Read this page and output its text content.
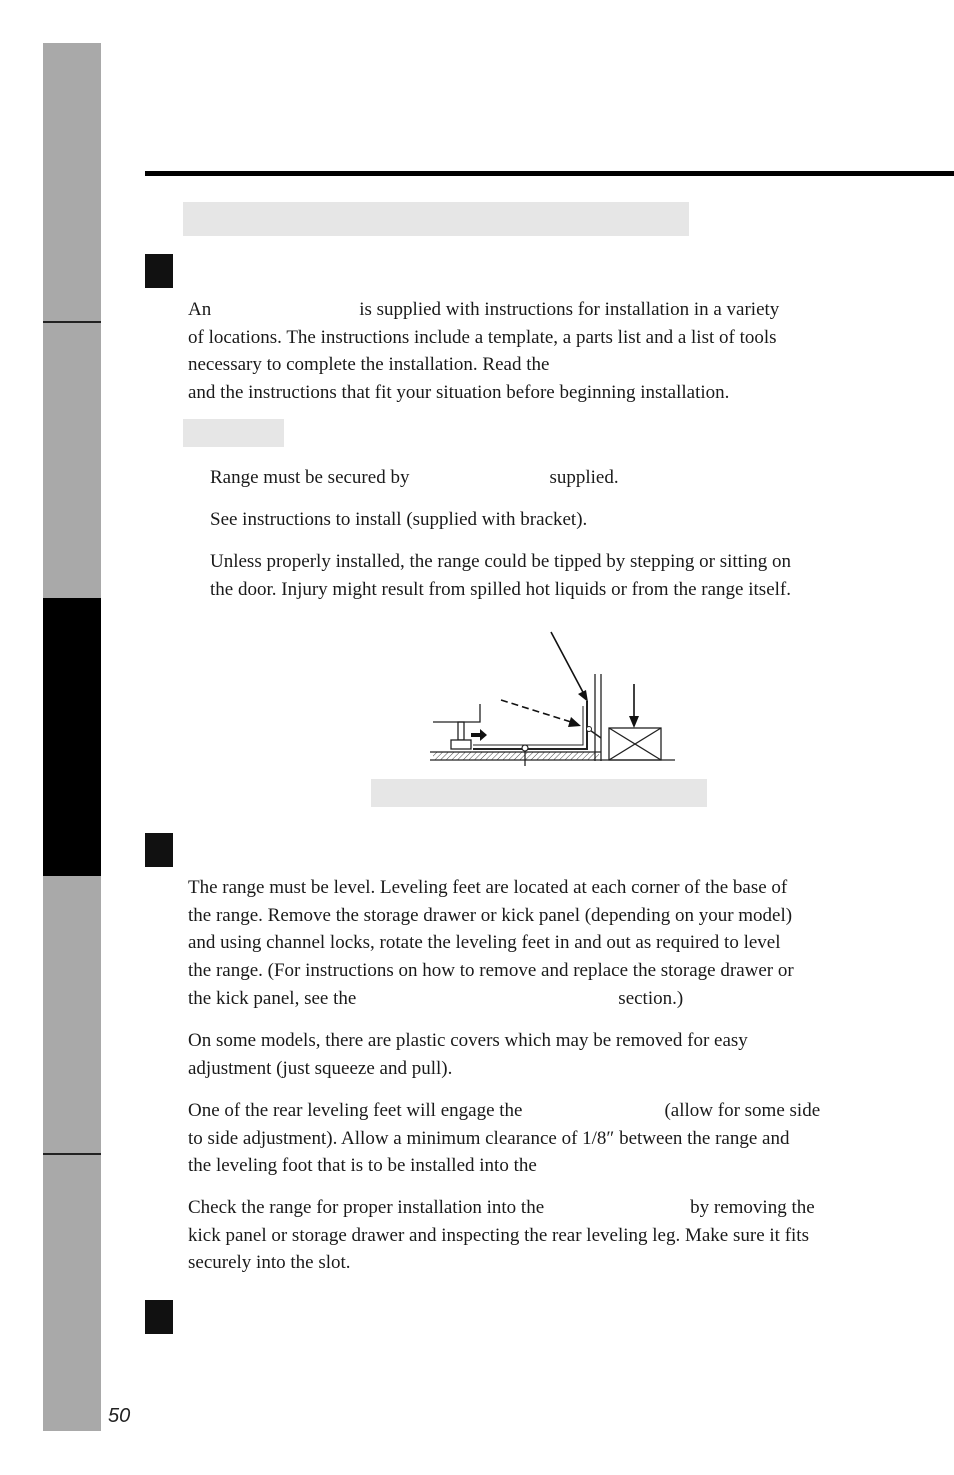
An	is supplied with instructions for installation in a variety
of locations. The instructions include a template, a parts list and a list of tools
necessary to complete the installation. Read the
and the instructions that fit your situation before beginning installation.

Range must be secured by	supplied.

See instructions to install (supplied with bracket).

Unless properly installed, the range could be tipped by stepping or sitting on
the door. Injury might result from spilled hot liquids or from the range itself.
The range must be level. Leveling feet are located at each corner of the base of
the range. Remove the storage drawer or kick panel (depending on your model)
and using channel locks, rotate the leveling feet in and out as required to level
the range. (For instructions on how to remove and replace the storage drawer or
the kick panel, see the	section.)
On some models, there are plastic covers which may be removed for easy
adjustment (just squeeze and pull).
One of the rear leveling feet will engage the	(allow for some side
to side adjustment). Allow a minimum clearance of 1/8″ between the range and
the leveling foot that is to be installed into the
Check the range for proper installation into the	by removing the
kick panel or storage drawer and inspecting the rear leveling leg. Make sure it fits
securely into the slot.
50
